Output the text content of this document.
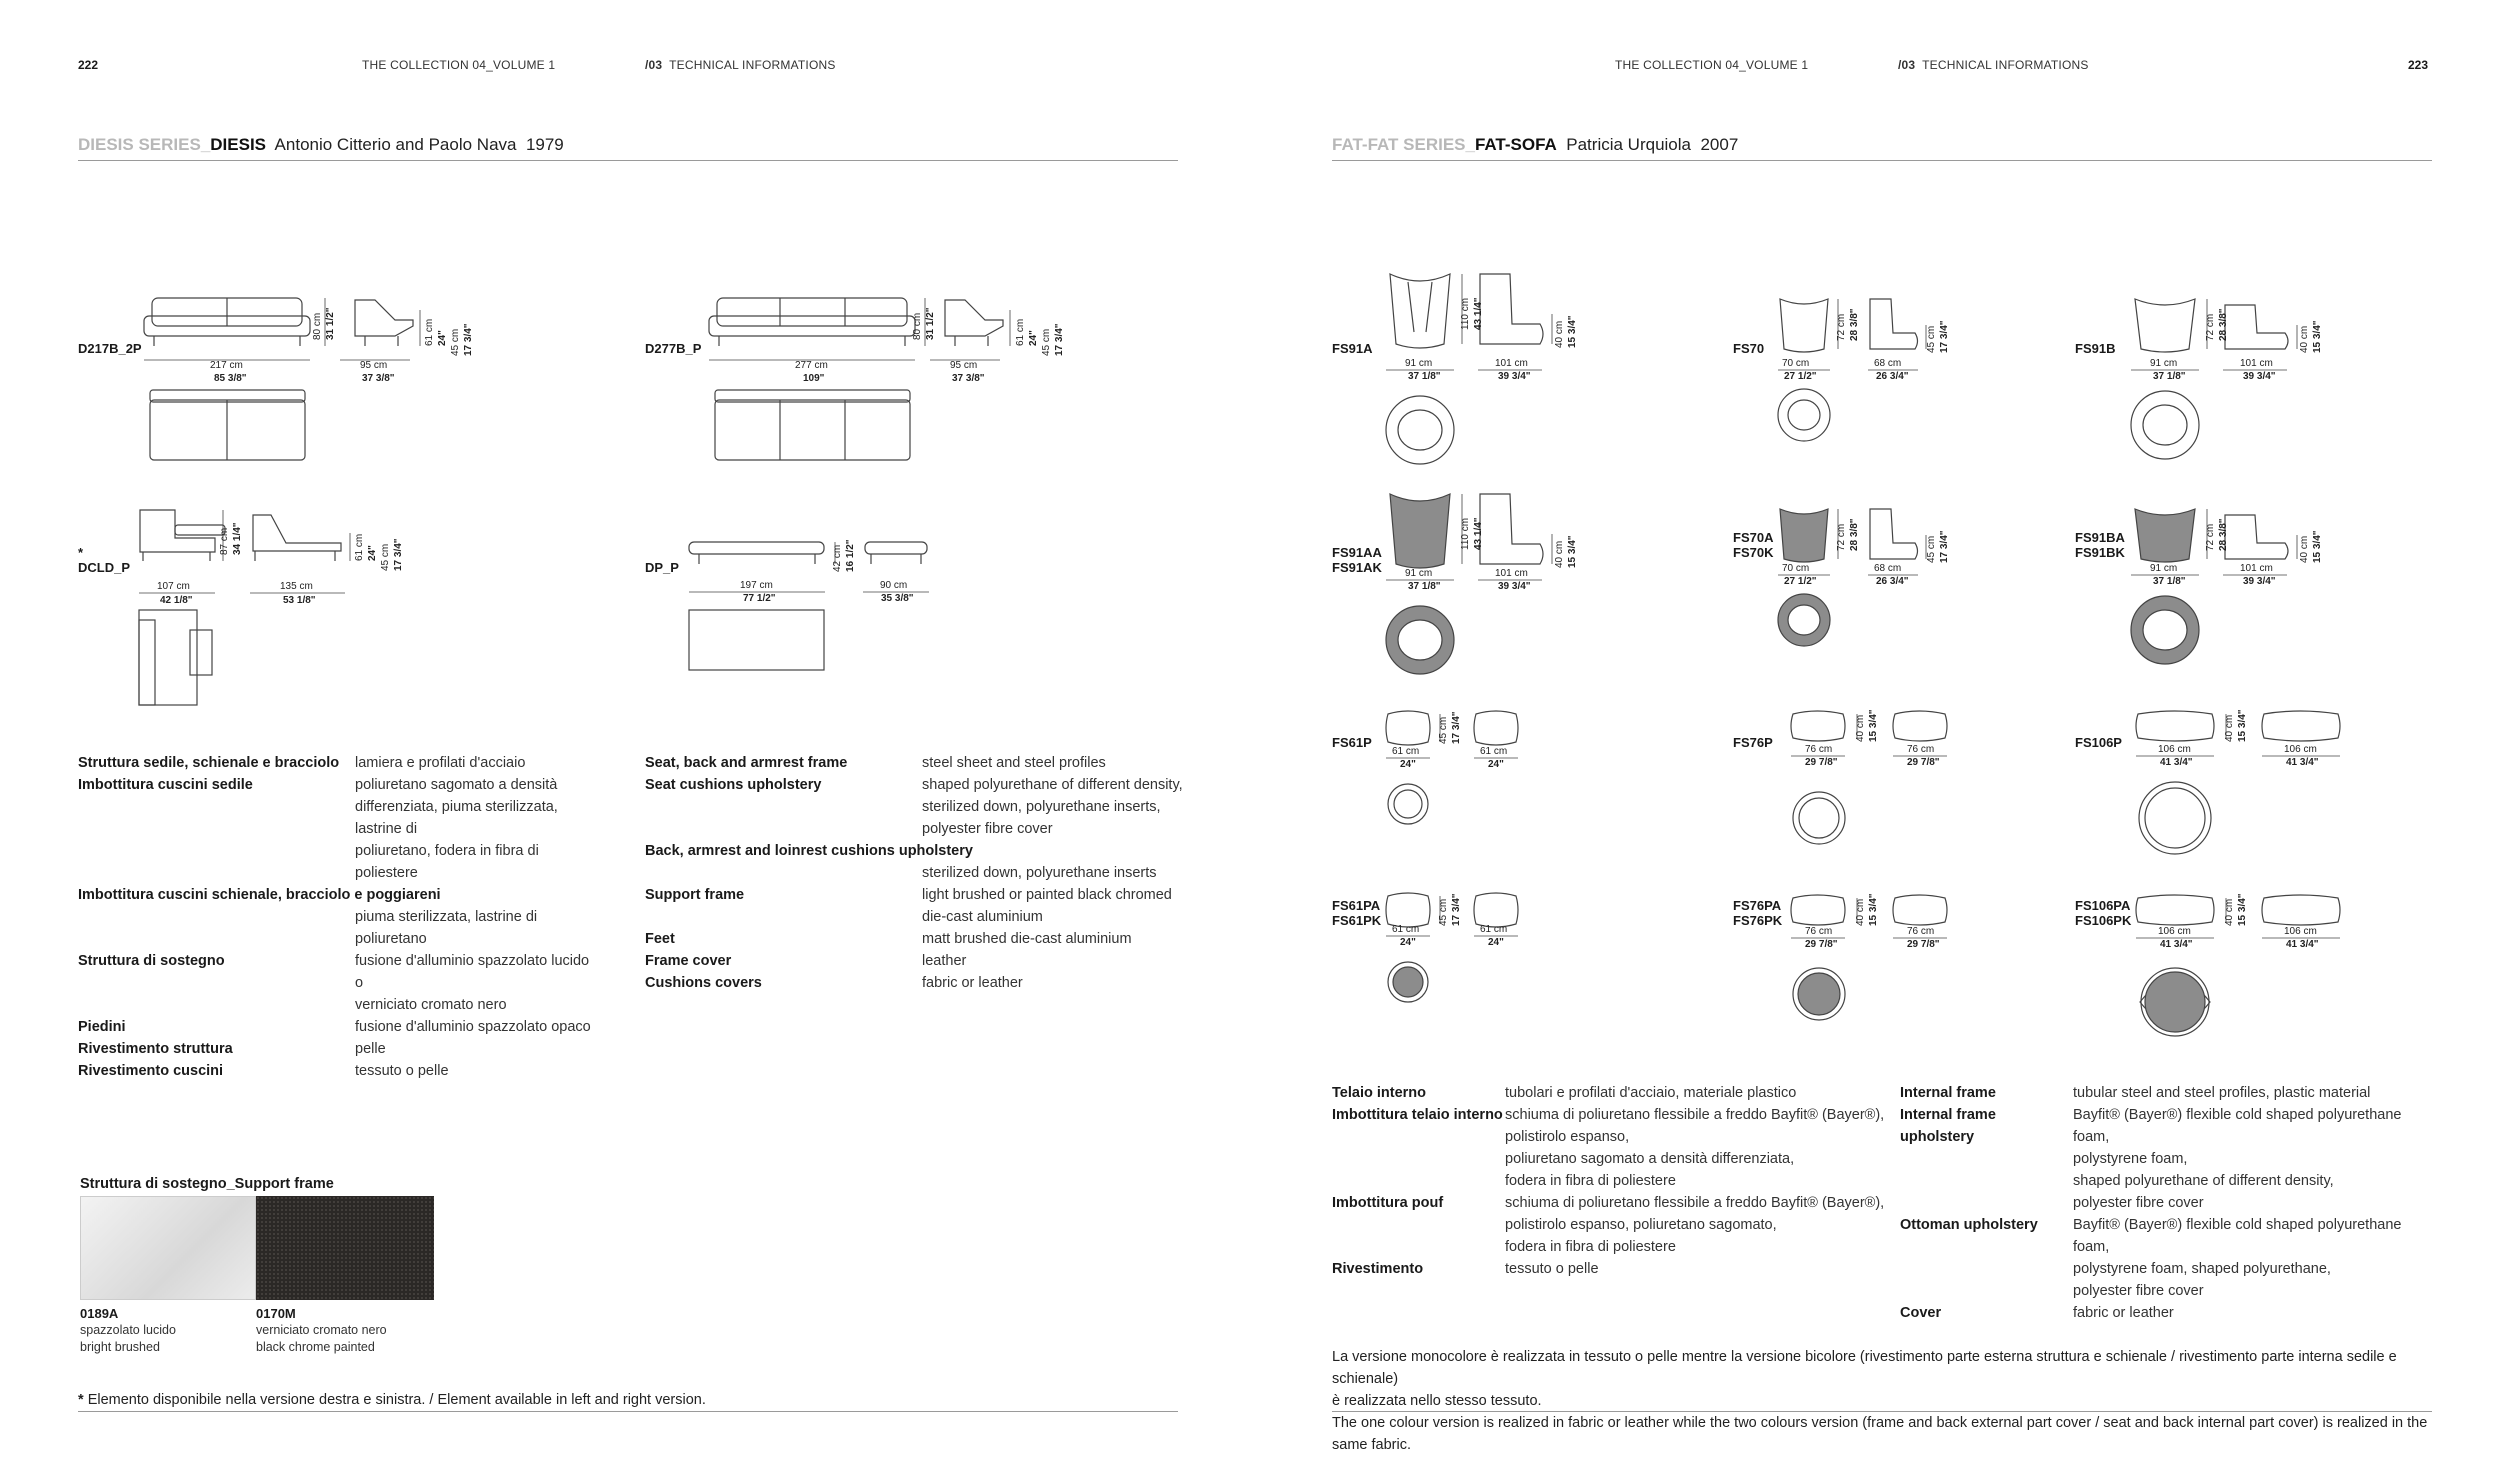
222	THE COLLECTION 04_VOLUME 1	/03 TECHNICAL INFORMATIONS
DIESIS SERIES_DIESIS Antonio Citterio and Paolo Nava 1979
D217B_2P
217 cm
85 3/8"
95 cm
37 3/8"
80 cm 31 1/2"	61 cm 24" 45 cm 17 3/4"	D277B_P
277 cm
109"
95 cm
37 3/8"
80 cm 31 1/2"	61 cm 24" 45 cm 17 3/4"
*
DCLD_P
107 cm
42 1/8"
135 cm
53 1/8"
87 cm 34 1/4"	61 cm 24" 45 cm 17 3/4"	DP_P
197 cm
77 1/2"
90 cm
35 3/8"
42 cm 16 1/2"
Struttura sedile, schienale e bracciolo	lamiera e profilati d'acciaio
Imbottitura cuscini sedile	poliuretano sagomato a densità
differenziata, piuma sterilizzata, lastrine di
poliuretano, fodera in fibra di poliestere
Imbottitura cuscini schienale, bracciolo e poggiareni
piuma sterilizzata, lastrine di poliuretano
Struttura di sostegno	fusione d'alluminio spazzolato lucido o
verniciato cromato nero
Piedini	fusione d'alluminio spazzolato opaco
Rivestimento struttura	pelle
Rivestimento cuscini	tessuto o pelle
Seat, back and armrest frame	steel sheet and steel profiles
Seat cushions upholstery	shaped polyurethane of different density,
sterilized down, polyurethane inserts,
polyester fibre cover
Back, armrest and loinrest cushions upholstery
sterilized down, polyurethane inserts
Support frame	light brushed or painted black chromed
die-cast aluminium
Feet	matt brushed die-cast aluminium
Frame cover	leather
Cushions covers	fabric or leather
Struttura di sostegno_Support frame
0189A
spazzolato lucido
bright brushed
0170M
verniciato cromato nero
black chrome painted
* Elemento disponibile nella versione destra e sinistra. / Element available in left and right version.
THE COLLECTION 04_VOLUME 1	/03 TECHNICAL INFORMATIONS	223
FAT-FAT SERIES_FAT-SOFA Patricia Urquiola 2007
FS91A
91 cm
37 1/8"
101 cm
39 3/4"
110 cm 43 1/4"
40 cm 15 3/4"
FS70
70 cm
27 1/2"
68 cm
26 3/4"
72 cm 28 3/8"	45 cm 17 3/4"	FS91B
91 cm
37 1/8"
101 cm
39 3/4"
72 cm 28 3/8"	40 cm 15 3/4"
FS91AA
FS91AK 91 cm
37 1/8"
101 cm
39 3/4"
110 cm 43 1/4"
40 cm 15 3/4"	FS70A
FS70K
70 cm
27 1/2"
68 cm
26 3/4"
72 cm 28 3/8"	45 cm 17 3/4"	FS91BA
FS91BK
91 cm
37 1/8"
101 cm
39 3/4"
72 cm 28 3/8"	40 cm 15 3/4"
FS61P
61 cm
24"
61 cm
24"
45 cm 17 3/4"	FS76P	76 cm
29 7/8"
76 cm
29 7/8"
40 cm 15 3/4"
FS106P	106 cm
41 3/4"
106 cm
41 3/4"
40 cm 15 3/4"
FS61PA
FS61PK
61 cm
24"
61 cm
24"
45 cm 17 3/4"	FS76PA
FS76PK
76 cm
29 7/8"
76 cm
29 7/8"
40 cm 15 3/4"	FS106PA
FS106PK
106 cm
41 3/4"
106 cm
41 3/4"
40 cm 15 3/4"
Telaio interno	tubolari e profilati d'acciaio, materiale plastico
Imbottitura telaio interno schiuma di poliuretano flessibile a freddo Bayfit® (Bayer®),
polistirolo espanso,
poliuretano sagomato a densità differenziata,
fodera in fibra di poliestere
Imbottitura pouf	schiuma di poliuretano flessibile a freddo Bayfit® (Bayer®),
polistirolo espanso, poliuretano sagomato,
fodera in fibra di poliestere
Rivestimento	tessuto o pelle
Internal frame	tubular steel and steel profiles, plastic material
Internal frame upholstery
Bayfit® (Bayer®) flexible cold shaped polyurethane foam,
polystyrene foam,
shaped polyurethane of different density,
polyester fibre cover
Ottoman upholstery	Bayfit® (Bayer®) flexible cold shaped polyurethane foam,
polystyrene foam, shaped polyurethane,
polyester fibre cover
Cover	fabric or leather
La versione monocolore è realizzata in tessuto o pelle mentre la versione bicolore (rivestimento parte esterna struttura e schienale / rivestimento parte interna sedile e schienale)
è realizzata nello stesso tessuto.
The one colour version is realized in fabric or leather while the two colours version (frame and back external part cover / seat and back internal part cover) is realized in the same fabric.
